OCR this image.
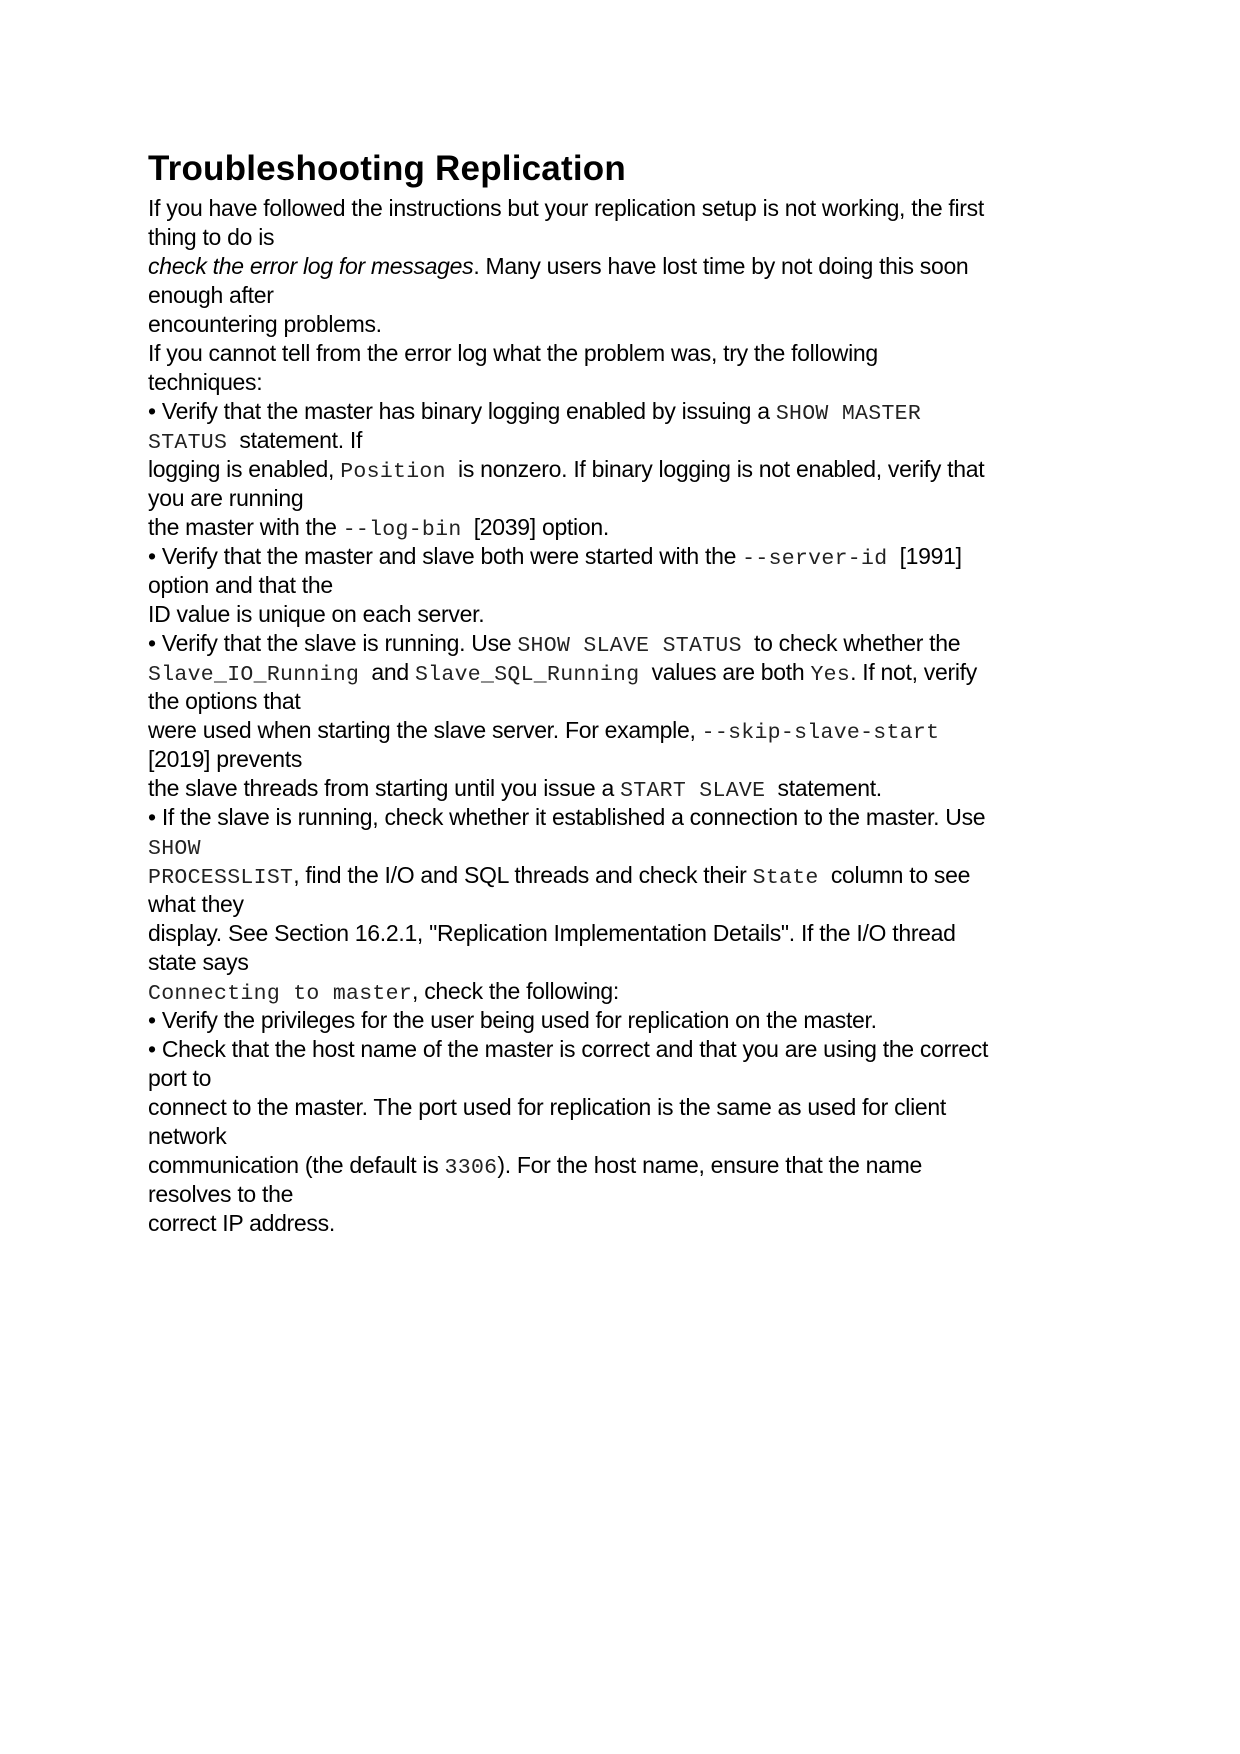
Troubleshooting Replication
If you have followed the instructions but your replication setup is not working, the first
thing to do is
check the error log for messages. Many users have lost time by not doing this soon
enough after
encountering problems.
If you cannot tell from the error log what the problem was, try the following
techniques:
• Verify that the master has binary logging enabled by issuing a SHOW MASTER
STATUS  statement. If
logging is enabled, Position  is nonzero. If binary logging is not enabled, verify that
you are running
the master with the --log-bin  [2039] option.
• Verify that the master and slave both were started with the --server-id  [1991]
option and that the
ID value is unique on each server.
• Verify that the slave is running. Use SHOW SLAVE STATUS  to check whether the
Slave_IO_Running  and Slave_SQL_Running  values are both Yes. If not, verify
the options that
were used when starting the slave server. For example, --skip-slave-start
[2019] prevents
the slave threads from starting until you issue a START SLAVE  statement.
• If the slave is running, check whether it established a connection to the master. Use
SHOW
PROCESSLIST, find the I/O and SQL threads and check their State  column to see
what they
display. See Section 16.2.1, "Replication Implementation Details". If the I/O thread
state says
Connecting to master, check the following:
• Verify the privileges for the user being used for replication on the master.
• Check that the host name of the master is correct and that you are using the correct
port to
connect to the master. The port used for replication is the same as used for client
network
communication (the default is 3306). For the host name, ensure that the name
resolves to the
correct IP address.
